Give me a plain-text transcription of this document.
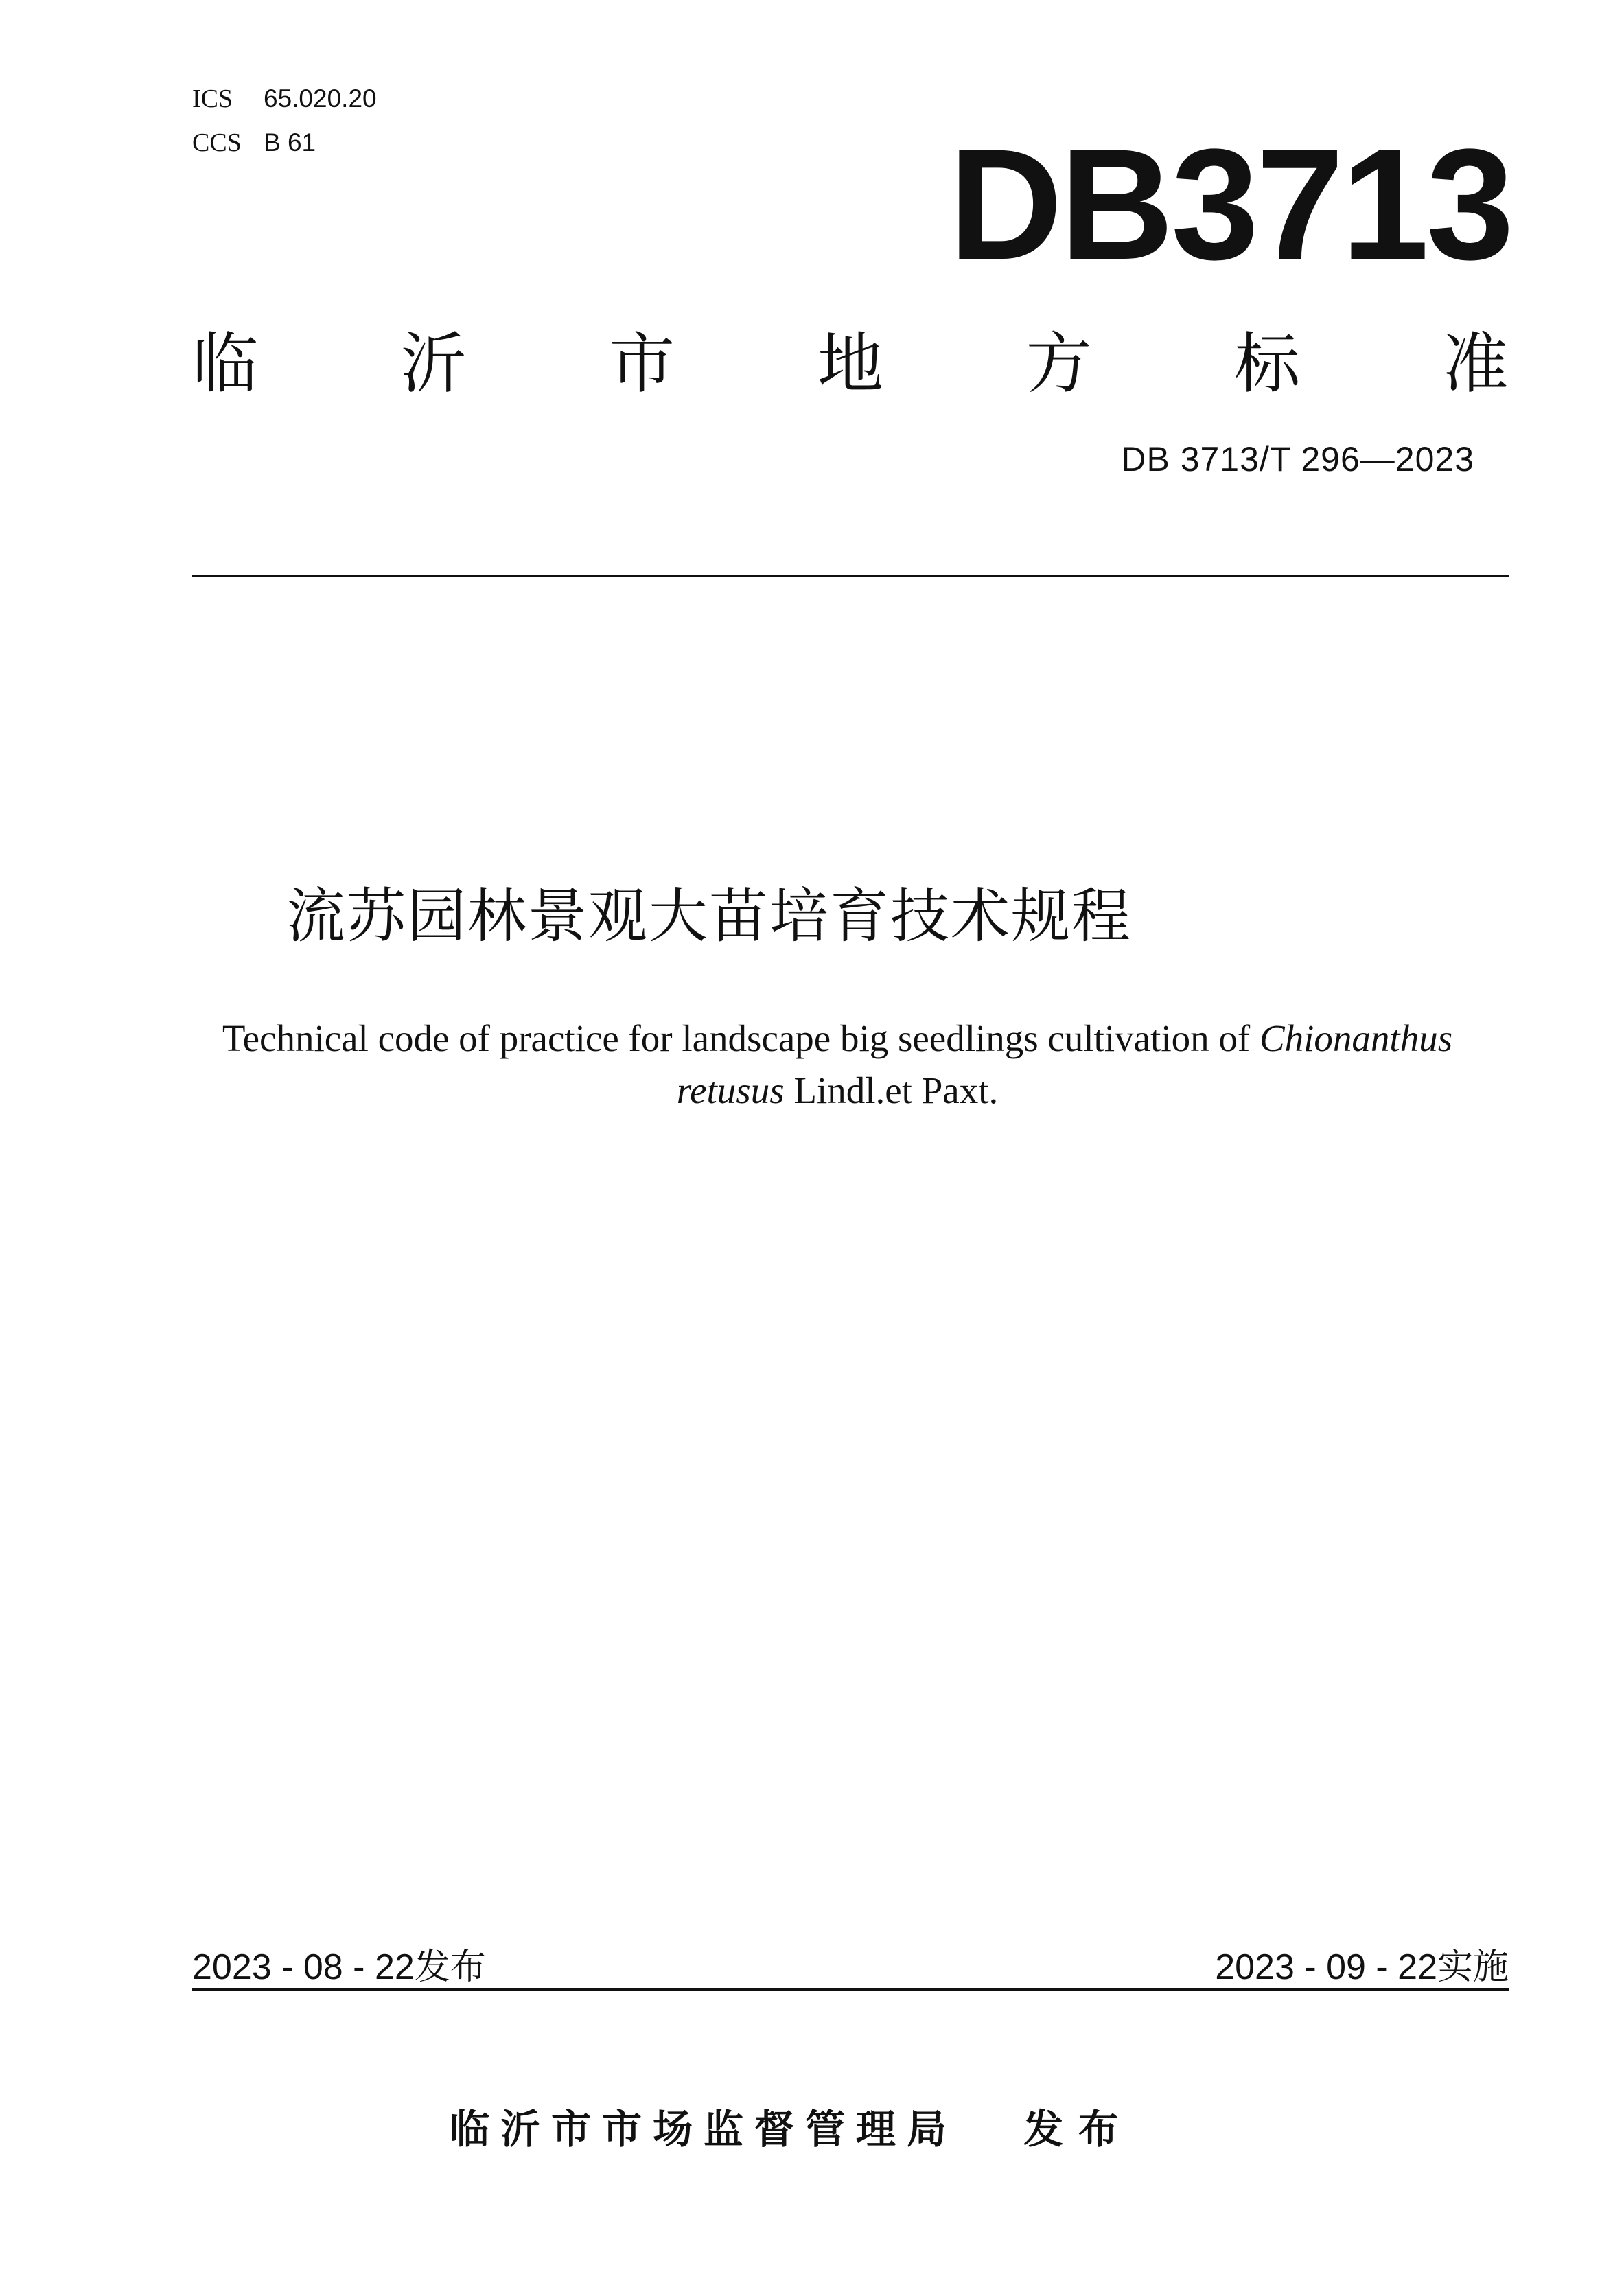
ICS 65.020.20
CCS B 61	DB3713
临 沂 市 地 方 标 准
DB 3713/T 296—2023
流苏园林景观大苗培育技术规程
Technical code of practice for landscape big seedlings cultivation of Chionanthus
retusus Lindl.et Paxt.
2023 - 08 - 22发布	2023 - 09 - 22实施
临沂市市场监督管理局 发布
